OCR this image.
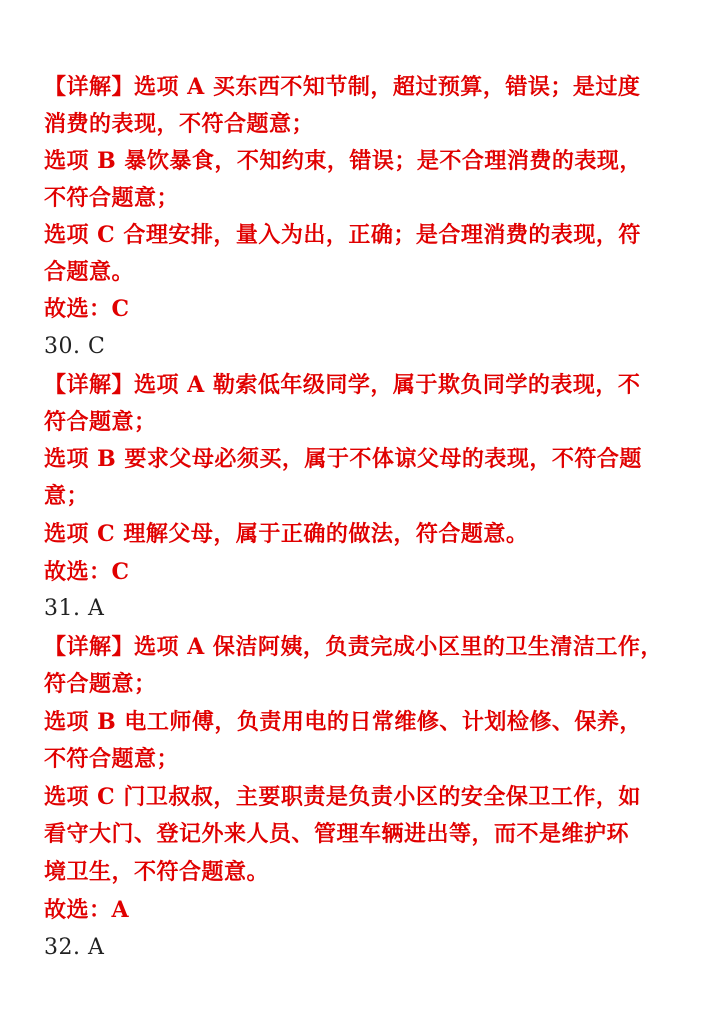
【详解】选项 A 买东西不知节制，超过预算，错误；是过度
消费的表现，不符合题意；
选项 B 暴饮暴食，不知约束，错误；是不合理消费的表现，
不符合题意；
选项 C 合理安排，量入为出，正确；是合理消费的表现，符
合题意。
故选：C
30. C
【详解】选项 A 勒索低年级同学，属于欺负同学的表现，不
符合题意；
选项 B 要求父母必须买，属于不体谅父母的表现，不符合题
意；
选项 C 理解父母，属于正确的做法，符合题意。
故选：C
31. A
【详解】选项 A 保洁阿姨，负责完成小区里的卫生清洁工作，
符合题意；
选项 B 电工师傅，负责用电的日常维修、计划检修、保养，
不符合题意；
选项 C 门卫叔叔，主要职责是负责小区的安全保卫工作，如
看守大门、登记外来人员、管理车辆进出等，而不是维护环
境卫生，不符合题意。
故选：A
32. A
